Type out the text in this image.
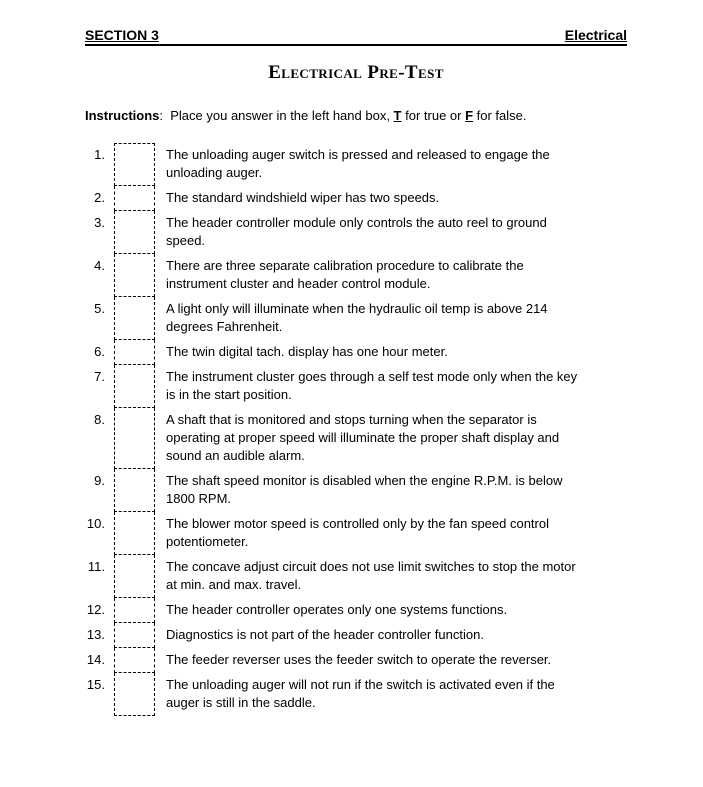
SECTION 3	Electrical
Electrical Pre-Test

Instructions:  Place you answer in the left hand box, T for true or F for false.

1.	The unloading auger switch is pressed and released to engage the
unloading auger.
2.	The standard windshield wiper has two speeds.
3.	The header controller module only controls the auto reel to ground
speed.
4.	There are three separate calibration procedure to calibrate the
instrument cluster and header control module.
5.	A light only will illuminate when the hydraulic oil temp is above 214
degrees Fahrenheit.
6.	The twin digital tach. display has one hour meter.
7.	The instrument cluster goes through a self test mode only when the key
is in the start position.
8.	A shaft that is monitored and stops turning when the separator is
operating at proper speed will illuminate the proper shaft display and
sound an audible alarm.
9.	The shaft speed monitor is disabled when the engine R.P.M. is below
1800 RPM.
10.	The blower motor speed is controlled only by the fan speed control
potentiometer.
11.	The concave adjust circuit does not use limit switches to stop the motor
at min. and max. travel.
12.	The header controller operates only one systems functions.
13.	Diagnostics is not part of the header controller function.
14.	The feeder reverser uses the feeder switch to operate the reverser.
15.	The unloading auger will not run if the switch is activated even if the
auger is still in the saddle.
